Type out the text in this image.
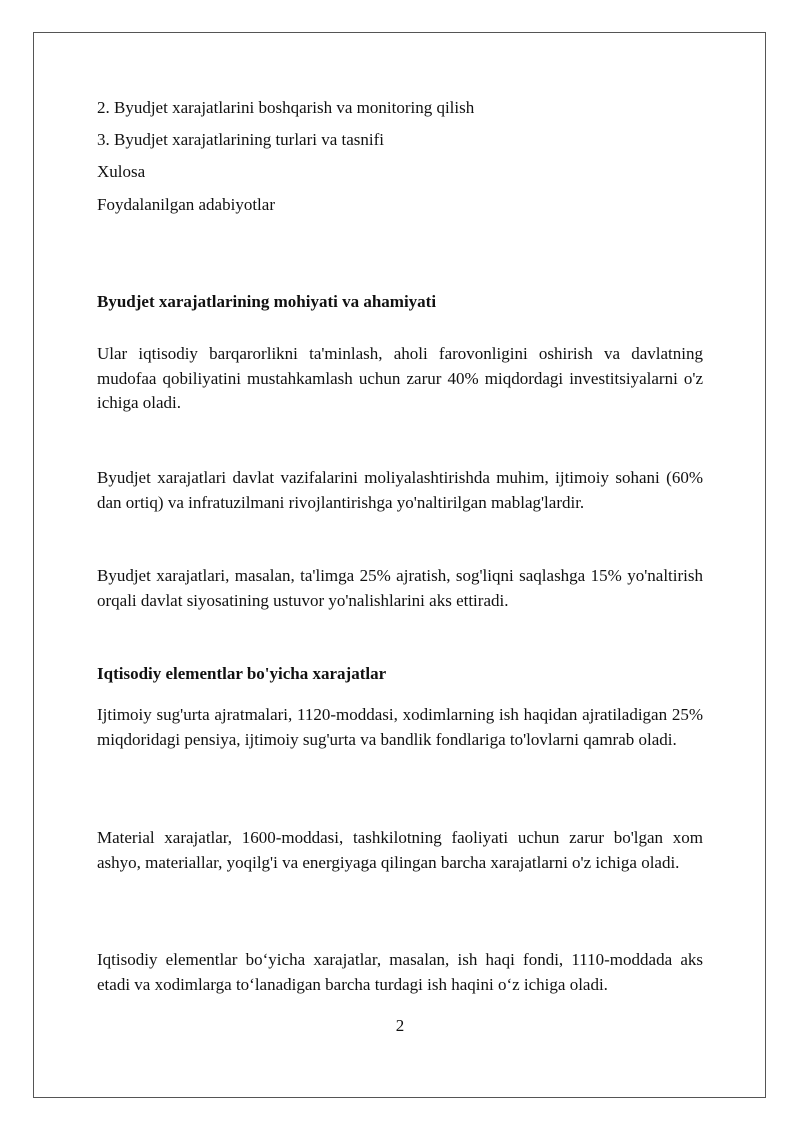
2. Byudjet xarajatlarini boshqarish va monitoring qilish
3. Byudjet xarajatlarining turlari va tasnifi
Xulosa
Foydalanilgan adabiyotlar
Byudjet xarajatlarining mohiyati va ahamiyati

Ular iqtisodiy barqarorlikni ta'minlash, aholi farovonligini oshirish va davlatning mudofaa qobiliyatini mustahkamlash uchun zarur 40% miqdordagi investitsiyalarni o'z ichiga oladi.

Byudjet xarajatlari davlat vazifalarini moliyalashtirishda muhim, ijtimoiy sohani (60% dan ortiq) va infratuzilmani rivojlantirishga yo'naltirilgan mablag'lardir.

Byudjet xarajatlari, masalan, ta'limga 25% ajratish, sog'liqni saqlashga 15% yo'naltirish orqali davlat siyosatining ustuvor yo'nalishlarini aks ettiradi.

Iqtisodiy elementlar bo'yicha xarajatlar

Ijtimoiy sug'urta ajratmalari, 1120-moddasi, xodimlarning ish haqidan ajratiladigan 25% miqdoridagi pensiya, ijtimoiy sug'urta va bandlik fondlariga to'lovlarni qamrab oladi.

Material xarajatlar, 1600-moddasi, tashkilotning faoliyati uchun zarur bo'lgan xom ashyo, materiallar, yoqilg'i va energiyaga qilingan barcha xarajatlarni o'z ichiga oladi.

Iqtisodiy elementlar bo‘yicha xarajatlar, masalan, ish haqi fondi, 1110-moddada aks etadi va xodimlarga to‘lanadigan barcha turdagi ish haqini o‘z ichiga oladi.

2
